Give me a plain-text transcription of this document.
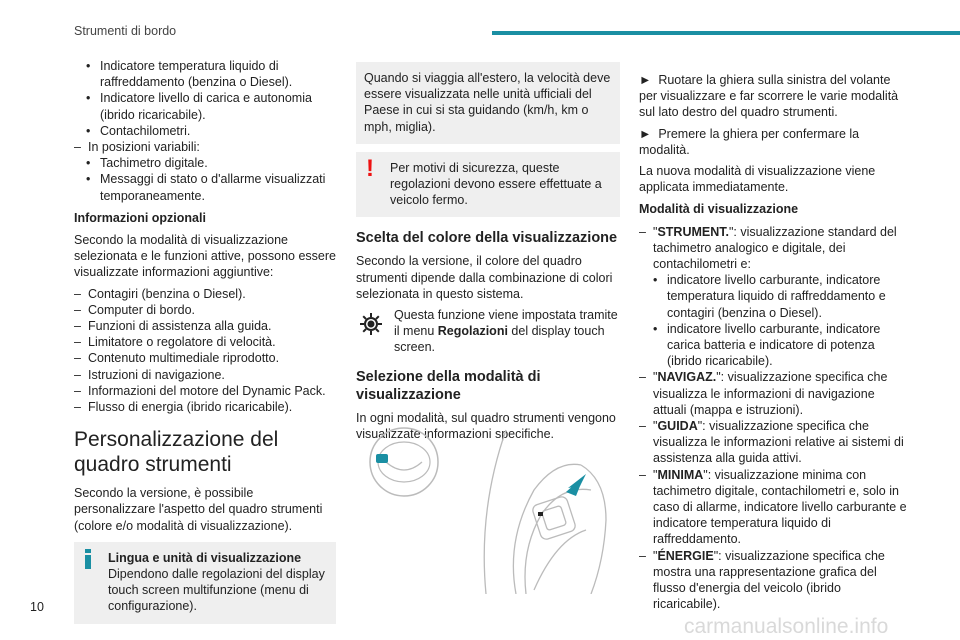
Strumenti di bordo
• Indicatore temperatura liquido di raffreddamento (benzina o Diesel).
• Indicatore livello di carica e autonomia (ibrido ricaricabile).
• Contachilometri.
– In posizioni variabili:
• Tachimetro digitale.
• Messaggi di stato o d'allarme visualizzati temporaneamente.
Informazioni opzionali
Secondo la modalità di visualizzazione selezionata e le funzioni attive, possono essere visualizzate informazioni aggiuntive:
– Contagiri (benzina o Diesel).
– Computer di bordo.
– Funzioni di assistenza alla guida.
– Limitatore o regolatore di velocità.
– Contenuto multimediale riprodotto.
– Istruzioni di navigazione.
– Informazioni del motore del Dynamic Pack.
– Flusso di energia (ibrido ricaricabile).
Personalizzazione del quadro strumenti
Secondo la versione, è possibile personalizzare l'aspetto del quadro strumenti (colore e/o modalità di visualizzazione).
Lingua e unità di visualizzazione
Dipendono dalle regolazioni del display touch screen multifunzione (menu di configurazione).
Quando si viaggia all'estero, la velocità deve essere visualizzata nelle unità ufficiali del Paese in cui si sta guidando (km/h, km o mph, miglia).
! Per motivi di sicurezza, queste regolazioni devono essere effettuate a veicolo fermo.
Scelta del colore della visualizzazione
Secondo la versione, il colore del quadro strumenti dipende dalla combinazione di colori selezionata in questo sistema.
Questa funzione viene impostata tramite il menu Regolazioni del display touch screen.
Selezione della modalità di visualizzazione
In ogni modalità, sul quadro strumenti vengono visualizzate informazioni specifiche.
► Ruotare la ghiera sulla sinistra del volante per visualizzare e far scorrere le varie modalità sul lato destro del quadro strumenti.
► Premere la ghiera per confermare la modalità.
La nuova modalità di visualizzazione viene applicata immediatamente.
Modalità di visualizzazione
– "STRUMENT.": visualizzazione standard del tachimetro analogico e digitale, dei contachilometri e:
• indicatore livello carburante, indicatore temperatura liquido di raffreddamento e contagiri (benzina o Diesel).
• indicatore livello carburante, indicatore carica batteria e indicatore di potenza (ibrido ricaricabile).
– "NAVIGAZ.": visualizzazione specifica che visualizza le informazioni di navigazione attuali (mappa e istruzioni).
– "GUIDA": visualizzazione specifica che visualizza le informazioni relative ai sistemi di assistenza alla guida attivi.
– "MINIMA": visualizzazione minima con tachimetro digitale, contachilometri e, solo in caso di allarme, indicatore livello carburante e indicatore temperatura liquido di raffreddamento.
– "ÉNERGIE": visualizzazione specifica che mostra una rappresentazione grafica del flusso d'energia del veicolo (ibrido ricaricabile).
10
carmanualsonline.info
